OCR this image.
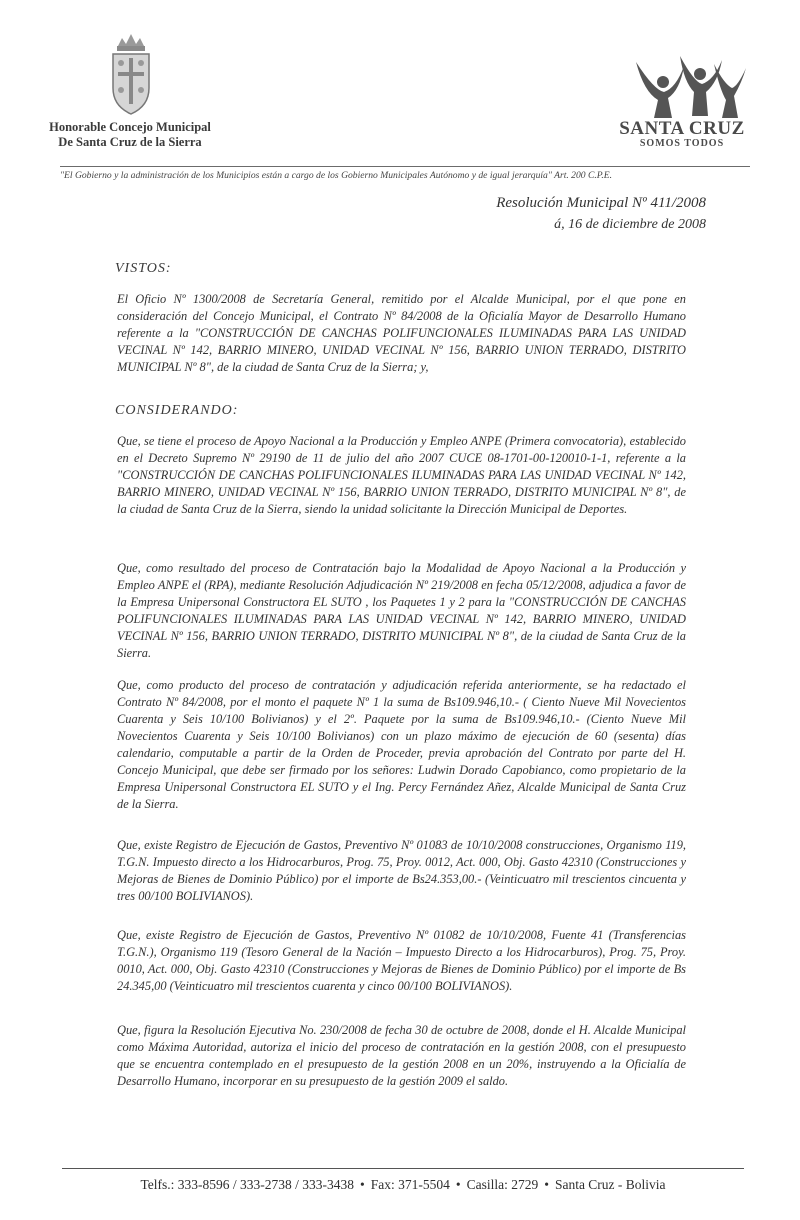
Honorable Concejo Municipal
De Santa Cruz de la Sierra
SANTA CRUZ
SOMOS TODOS
"El Gobierno y la administración de los Municipios están a cargo de los Gobierno Municipales Autónomo y de igual jerarquía" Art. 200 C.P.E.
Resolución Municipal Nº 411/2008
á, 16 de diciembre de 2008
VISTOS:

El Oficio Nº 1300/2008 de Secretaría General, remitido por el Alcalde Municipal, por el que pone en consideración del Concejo Municipal, el Contrato Nº 84/2008 de la Oficialía Mayor de Desarrollo Humano referente a la "CONSTRUCCIÓN DE CANCHAS POLIFUNCIONALES ILUMINADAS PARA LAS UNIDAD VECINAL Nº 142, BARRIO MINERO, UNIDAD VECINAL Nº 156, BARRIO UNION TERRADO, DISTRITO MUNICIPAL Nº 8", de la ciudad de Santa Cruz de la Sierra; y,

CONSIDERANDO:

Que, se tiene el proceso de Apoyo Nacional a la Producción y Empleo ANPE (Primera convocatoria), establecido en el Decreto Supremo Nº 29190 de 11 de julio del año 2007 CUCE 08-1701-00-120010-1-1, referente a la "CONSTRUCCIÓN DE CANCHAS POLIFUNCIONALES ILUMINADAS PARA LAS UNIDAD VECINAL Nº 142, BARRIO MINERO, UNIDAD VECINAL Nº 156, BARRIO UNION TERRADO, DISTRITO MUNICIPAL Nº 8", de la ciudad de Santa Cruz de la Sierra, siendo la unidad solicitante la Dirección Municipal de Deportes.

Que, como resultado del proceso de Contratación bajo la Modalidad de Apoyo Nacional a la Producción y Empleo ANPE el (RPA), mediante Resolución Adjudicación Nº 219/2008 en fecha 05/12/2008, adjudica a favor de la Empresa Unipersonal Constructora EL SUTO , los Paquetes 1 y 2 para la "CONSTRUCCIÓN DE CANCHAS POLIFUNCIONALES ILUMINADAS PARA LAS UNIDAD VECINAL Nº 142, BARRIO MINERO, UNIDAD VECINAL Nº 156, BARRIO UNION TERRADO, DISTRITO MUNICIPAL Nº 8", de la ciudad de Santa Cruz de la Sierra.

Que, como producto del proceso de contratación y adjudicación referida anteriormente, se ha redactado el Contrato Nº 84/2008, por el monto el paquete Nº 1 la suma de Bs109.946,10.- ( Ciento Nueve Mil Novecientos Cuarenta y Seis 10/100 Bolivianos) y el 2º. Paquete por la suma de Bs109.946,10.- (Ciento Nueve Mil Novecientos Cuarenta y Seis 10/100 Bolivianos) con un plazo máximo de ejecución de 60 (sesenta) días calendario, computable a partir de la Orden de Proceder, previa aprobación del Contrato por parte del H. Concejo Municipal, que debe ser firmado por los señores: Ludwin Dorado Capobianco, como propietario de la Empresa Unipersonal Constructora EL SUTO y el Ing. Percy Fernández Añez, Alcalde Municipal de Santa Cruz de la Sierra.

Que, existe Registro de Ejecución de Gastos, Preventivo Nº 01083 de 10/10/2008 construcciones, Organismo 119, T.G.N. Impuesto directo a los Hidrocarburos, Prog. 75, Proy. 0012, Act. 000, Obj. Gasto 42310 (Construcciones y Mejoras de Bienes de Dominio Público) por el importe de Bs24.353,00.- (Veinticuatro mil trescientos cincuenta y tres 00/100 BOLIVIANOS).

Que, existe Registro de Ejecución de Gastos, Preventivo Nº 01082 de 10/10/2008, Fuente 41 (Transferencias T.G.N.), Organismo 119 (Tesoro General de la Nación – Impuesto Directo a los Hidrocarburos), Prog. 75, Proy. 0010, Act. 000, Obj. Gasto 42310 (Construcciones y Mejoras de Bienes de Dominio Público) por el importe de Bs 24.345,00 (Veinticuatro mil trescientos cuarenta y cinco 00/100 BOLIVIANOS).

Que, figura la Resolución Ejecutiva No. 230/2008 de fecha 30 de octubre de 2008, donde el H. Alcalde Municipal como Máxima Autoridad, autoriza el inicio del proceso de contratación en la gestión 2008, con el presupuesto que se encuentra contemplado en el presupuesto de la gestión 2008 en un 20%, instruyendo a la Oficialía de Desarrollo Humano, incorporar en su presupuesto de la gestión 2009 el saldo.

Telfs.: 333-8596 / 333-2738 / 333-3438 • Fax: 371-5504 • Casilla: 2729 • Santa Cruz - Bolivia
